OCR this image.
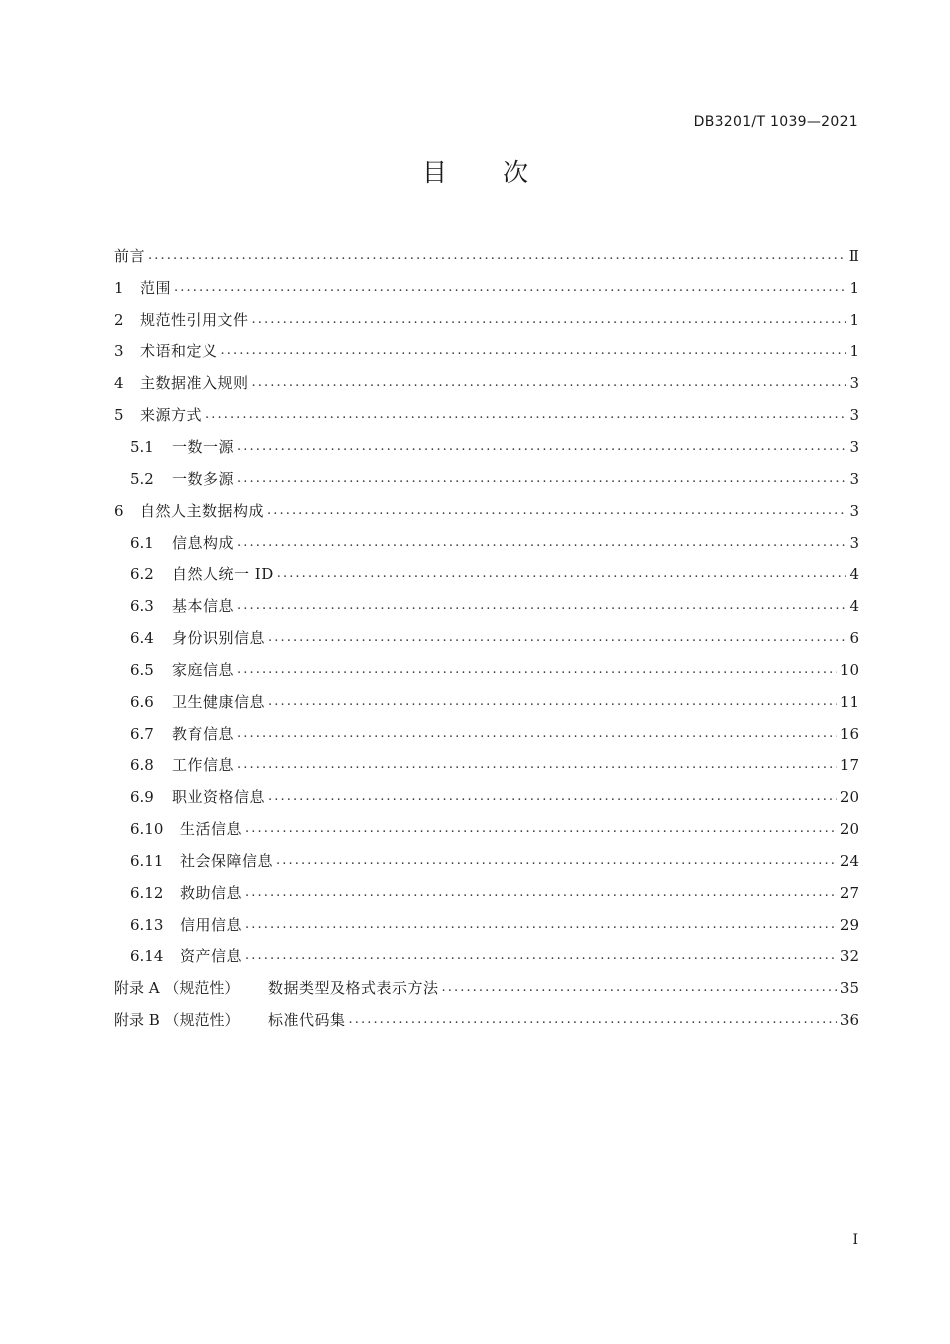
DB3201/T 1039—2021
目次
前言 .....	Ⅱ
1	范围 .....	1
2	规范性引用文件 .....	1
3	术语和定义 .....	1
4	主数据准入规则 .....	3
5	来源方式 .....	3
5.1	一数一源 .....	3
5.2	一数多源 .....	3
6	自然人主数据构成 .....	3
6.1	信息构成 .....	3
6.2	自然人统一 ID .....	4
6.3	基本信息 .....	4
6.4	身份识别信息 .....	6
6.5	家庭信息 .....	10
6.6	卫生健康信息 .....	11
6.7	教育信息 .....	16
6.8	工作信息 .....	17
6.9	职业资格信息 .....	20
6.10	生活信息 .....	20
6.11	社会保障信息 .....	24
6.12	救助信息 .....	27
6.13	信用信息 .....	29
6.14	资产信息 .....	32
附录 A （规范性）	数据类型及格式表示方法 .....	35
附录 B （规范性）	标准代码集 .....	36
I
